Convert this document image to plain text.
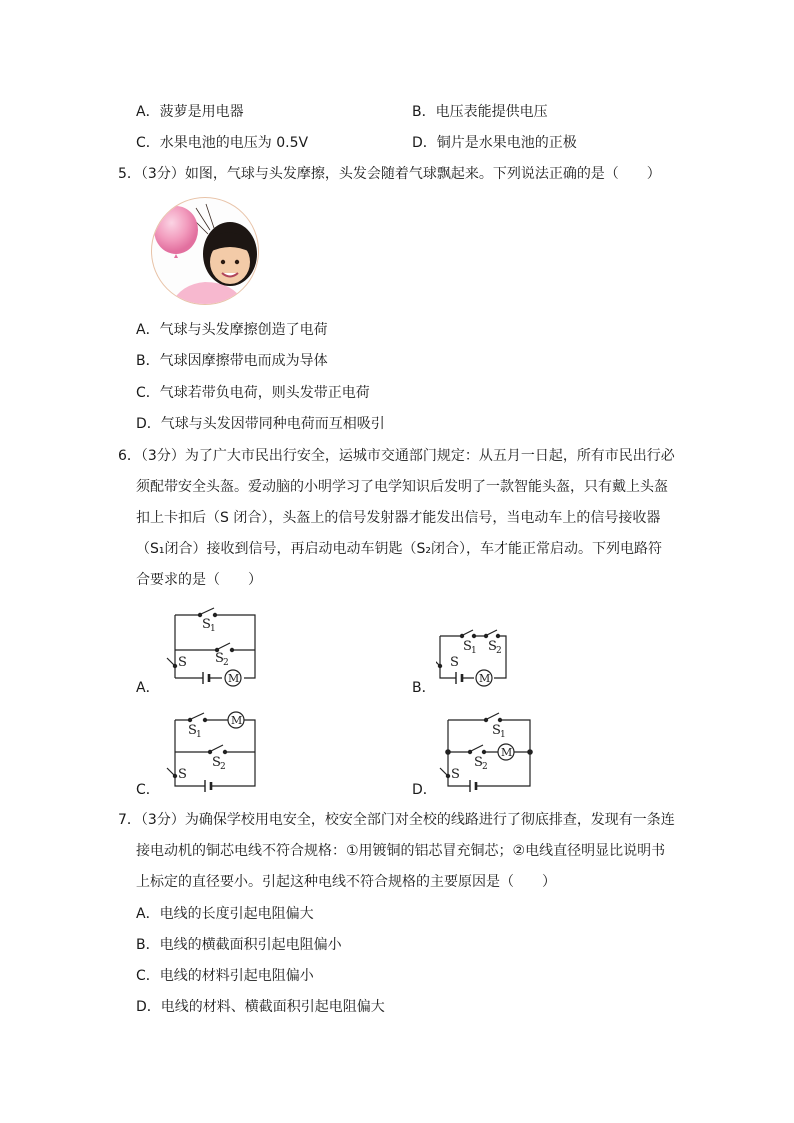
A．菠萝是用电器	B．电压表能提供电压
C．水果电池的电压为 0.5V	D．铜片是水果电池的正极
5．（3分）如图，气球与头发摩擦，头发会随着气球飘起来。下列说法正确的是（　　）
A．气球与头发摩擦创造了电荷
B．气球因摩擦带电而成为导体
C．气球若带负电荷，则头发带正电荷
D．气球与头发因带同种电荷而互相吸引
6．（3分）为了广大市民出行安全，运城市交通部门规定：从五月一日起，所有市民出行必
须配带安全头盔。爱动脑的小明学习了电学知识后发明了一款智能头盔，只有戴上头盔
扣上卡扣后（S 闭合），头盔上的信号发射器才能发出信号，当电动车上的信号接收器
（S₁闭合）接收到信号，再启动电动车钥匙（S₂闭合），车才能正常启动。下列电路符
合要求的是（　　）
A．
S 1
S 2
S
M
B．
S 1 S 2
S
M
C．
S 1
S 2
S
M
D．
S 1
S 2
S
M
7．（3分）为确保学校用电安全，校安全部门对全校的线路进行了彻底排查，发现有一条连
接电动机的铜芯电线不符合规格：①用镀铜的铝芯冒充铜芯；②电线直径明显比说明书
上标定的直径要小。引起这种电线不符合规格的主要原因是（　　）
A．电线的长度引起电阻偏大
B．电线的横截面积引起电阻偏小
C．电线的材料引起电阻偏小
D．电线的材料、横截面积引起电阻偏大
